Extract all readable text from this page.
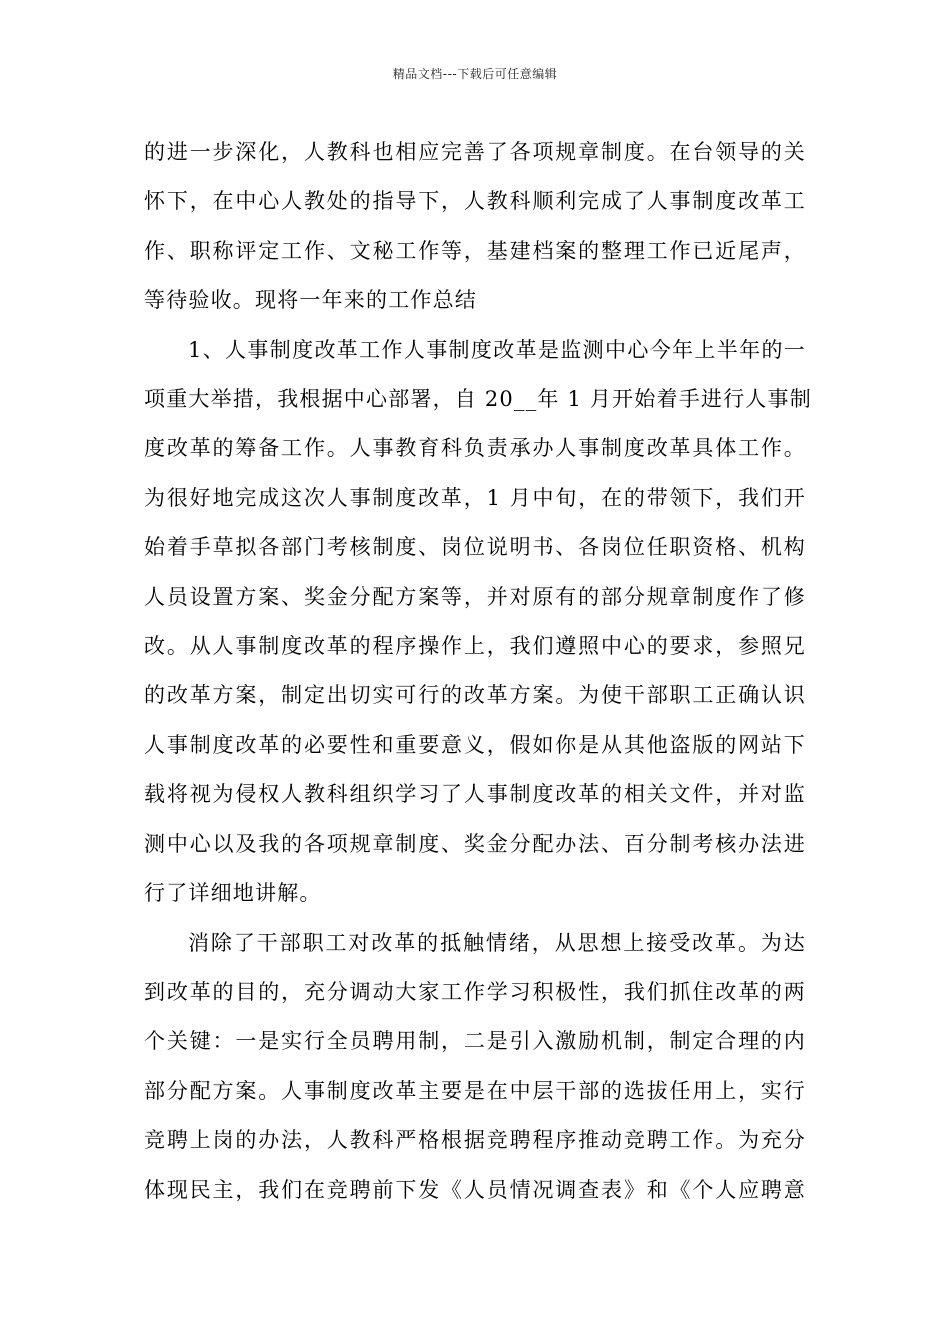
精品文档---下载后可任意编辑

的进一步深化，人教科也相应完善了各项规章制度。在台领导的关
怀下，在中心人教处的指导下，人教科顺利完成了人事制度改革工
作、职称评定工作、文秘工作等，基建档案的整理工作已近尾声，
等待验收。现将一年来的工作总结

1、人事制度改革工作人事制度改革是监测中心今年上半年的一
项重大举措，我根据中心部署，自 20__年 1 月开始着手进行人事制
度改革的筹备工作。人事教育科负责承办人事制度改革具体工作。
为很好地完成这次人事制度改革，1 月中旬，在的带领下，我们开
始着手草拟各部门考核制度、岗位说明书、各岗位任职资格、机构
人员设置方案、奖金分配方案等，并对原有的部分规章制度作了修
改。从人事制度改革的程序操作上，我们遵照中心的要求，参照兄
的改革方案，制定出切实可行的改革方案。为使干部职工正确认识
人事制度改革的必要性和重要意义，假如你是从其他盗版的网站下
载将视为侵权人教科组织学习了人事制度改革的相关文件，并对监
测中心以及我的各项规章制度、奖金分配办法、百分制考核办法进
行了详细地讲解。

消除了干部职工对改革的抵触情绪，从思想上接受改革。为达
到改革的目的，充分调动大家工作学习积极性，我们抓住改革的两
个关键：一是实行全员聘用制，二是引入激励机制，制定合理的内
部分配方案。人事制度改革主要是在中层干部的选拔任用上，实行
竞聘上岗的办法，人教科严格根据竞聘程序推动竞聘工作。为充分
体现民主，我们在竞聘前下发《人员情况调查表》和《个人应聘意
